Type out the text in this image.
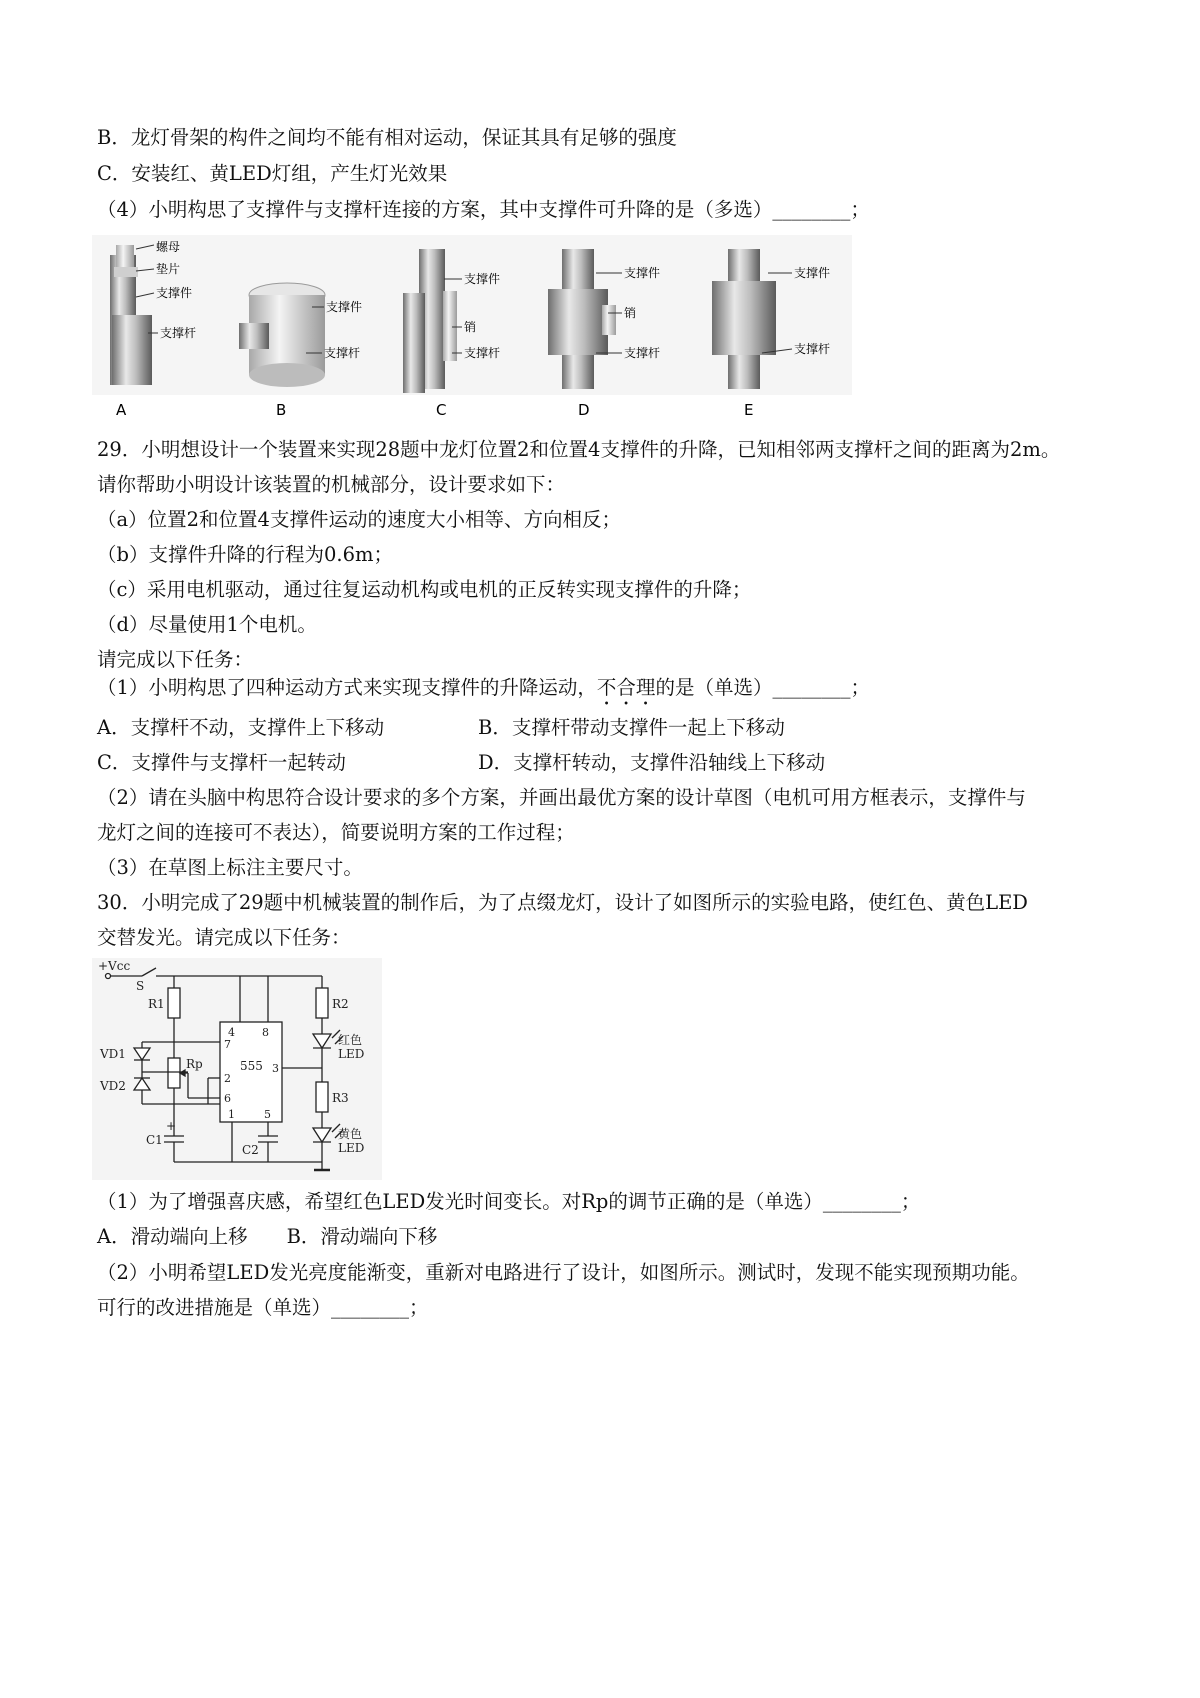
B．龙灯骨架的构件之间均不能有相对运动，保证其具有足够的强度
C．安装红、黄LED灯组，产生灯光效果
（4）小明构思了支撑件与支撑杆连接的方案，其中支撑件可升降的是（多选）________；
螺母
垫片
支撑件
支撑杆
支撑件
支撑杆
支撑件
销
支撑杆
支撑件
销
支撑杆
支撑件
支撑杆
A	B	C	D	E
29．小明想设计一个装置来实现28题中龙灯位置2和位置4支撑件的升降，已知相邻两支撑杆之间的距离为2m。
请你帮助小明设计该装置的机械部分，设计要求如下：
（a）位置2和位置4支撑件运动的速度大小相等、方向相反；
（b）支撑件升降的行程为0.6m；
（c）采用电机驱动，通过往复运动机构或电机的正反转实现支撑件的升降；
（d）尽量使用1个电机。
请完成以下任务：
（1）小明构思了四种运动方式来实现支撑件的升降运动，不合理的是（单选）________；
A．支撑杆不动，支撑件上下移动	B．支撑杆带动支撑件一起上下移动
C．支撑件与支撑杆一起转动	D．支撑杆转动，支撑件沿轴线上下移动
（2）请在头脑中构思符合设计要求的多个方案，并画出最优方案的设计草图（电机可用方框表示，支撑件与
龙灯之间的连接可不表达），简要说明方案的工作过程；
（3）在草图上标注主要尺寸。
30．小明完成了29题中机械装置的制作后，为了点缀龙灯，设计了如图所示的实验电路，使红色、黄色LED
交替发光。请完成以下任务：
+Vcc
S
R1	R2
R3
Rp
VD1
VD2
C1
+
C2
555
4 8
7
3
2
6
1	5
红色
LED
黄色
LED
（1）为了增强喜庆感，希望红色LED发光时间变长。对Rp的调节正确的是（单选）________；
A．滑动端向上移　　B．滑动端向下移
（2）小明希望LED发光亮度能渐变，重新对电路进行了设计，如图所示。测试时，发现不能实现预期功能。
可行的改进措施是（单选）________；
